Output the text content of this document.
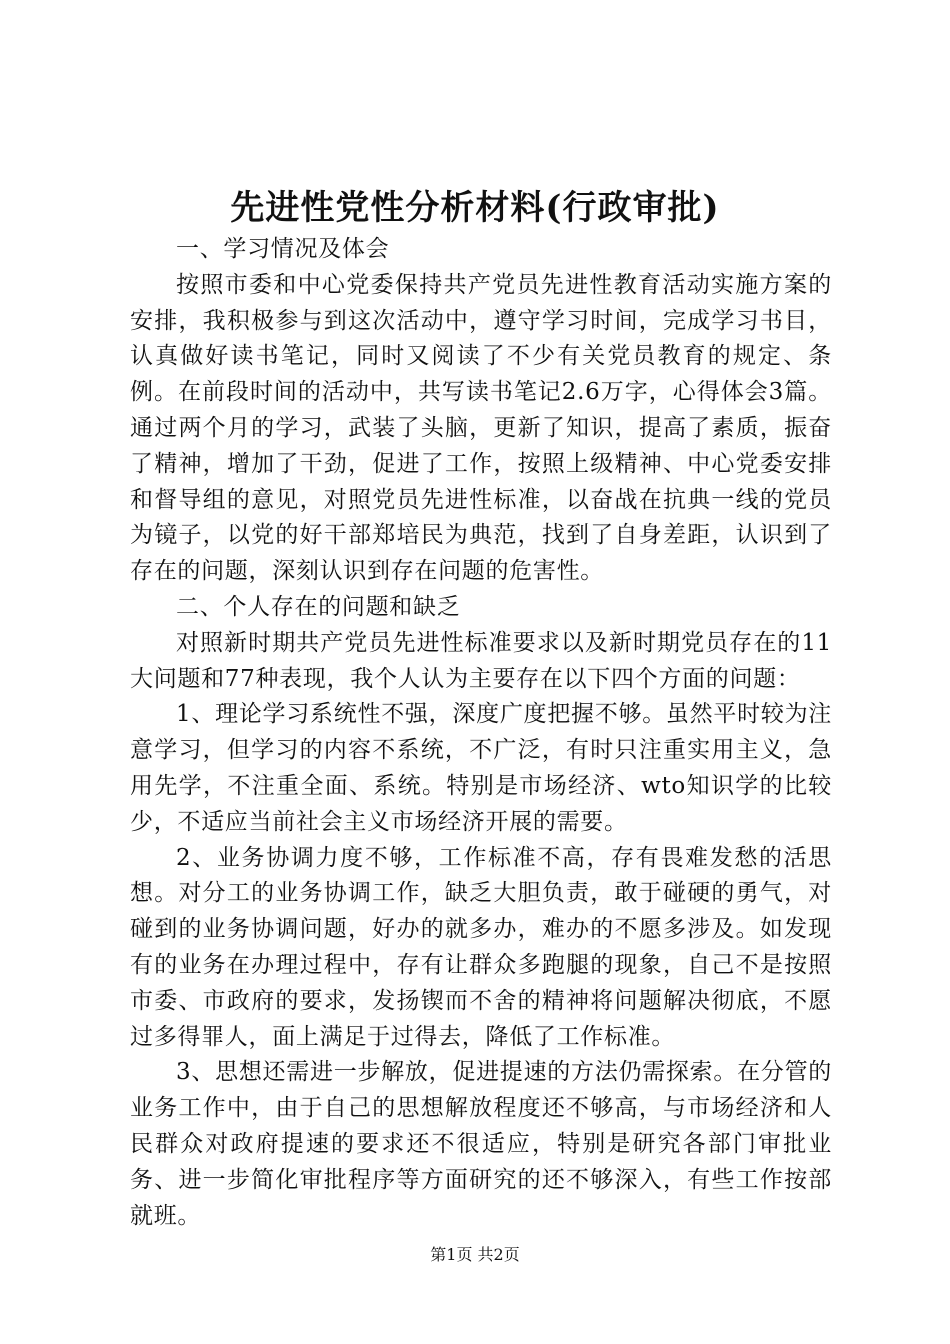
先进性党性分析材料(行政审批)

一、学习情况及体会

按照市委和中心党委保持共产党员先进性教育活动实施方案的安排，我积极参与到这次活动中，遵守学习时间，完成学习书目，认真做好读书笔记，同时又阅读了不少有关党员教育的规定、条例。在前段时间的活动中，共写读书笔记2.6万字，心得体会3篇。通过两个月的学习，武装了头脑，更新了知识，提高了素质，振奋了精神，增加了干劲，促进了工作，按照上级精神、中心党委安排和督导组的意见，对照党员先进性标准，以奋战在抗典一线的党员为镜子，以党的好干部郑培民为典范，找到了自身差距，认识到了存在的问题，深刻认识到存在问题的危害性。

二、个人存在的问题和缺乏

对照新时期共产党员先进性标准要求以及新时期党员存在的11大问题和77种表现，我个人认为主要存在以下四个方面的问题：

1、理论学习系统性不强，深度广度把握不够。虽然平时较为注意学习，但学习的内容不系统，不广泛，有时只注重实用主义，急用先学，不注重全面、系统。特别是市场经济、wto知识学的比较少，不适应当前社会主义市场经济开展的需要。

2、业务协调力度不够，工作标准不高，存有畏难发愁的活思想。对分工的业务协调工作，缺乏大胆负责，敢于碰硬的勇气，对碰到的业务协调问题，好办的就多办，难办的不愿多涉及。如发现有的业务在办理过程中，存有让群众多跑腿的现象，自己不是按照市委、市政府的要求，发扬锲而不舍的精神将问题解决彻底，不愿过多得罪人，面上满足于过得去，降低了工作标准。

3、思想还需进一步解放，促进提速的方法仍需探索。在分管的业务工作中，由于自己的思想解放程度还不够高，与市场经济和人民群众对政府提速的要求还不很适应，特别是研究各部门审批业务、进一步简化审批程序等方面研究的还不够深入，有些工作按部就班。

第1页 共2页
